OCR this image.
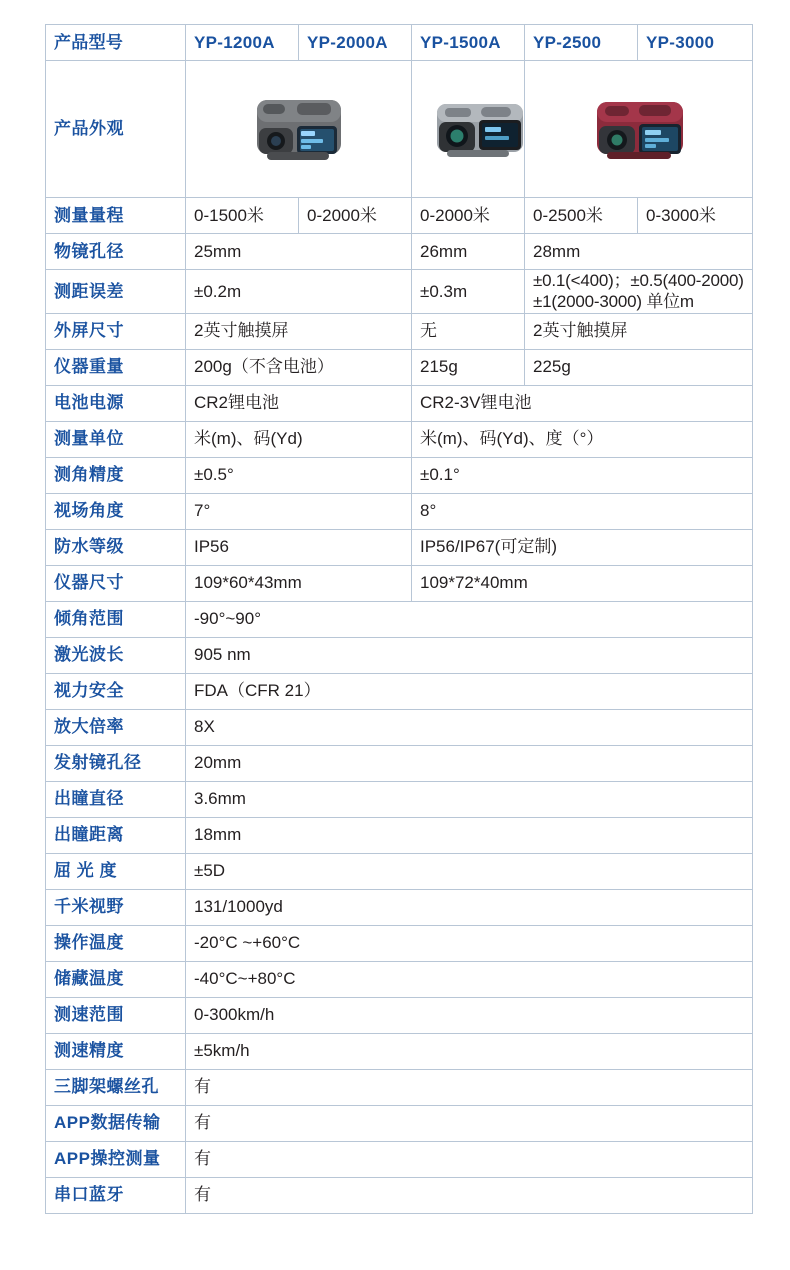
产品型号	YP-1200A	YP-2000A	YP-1500A	YP-2500	YP-3000
产品外观	

测量量程	0-1500米	0-2000米	0-2000米	0-2500米	0-3000米
物镜孔径	25mm		26mm	28mm	
测距误差	±0.2m		±0.3m	±0.1(<400)；±0.5(400-2000)
±1(2000-3000) 单位m	
外屏尺寸	2英寸触摸屏		无	2英寸触摸屏	
仪器重量	200g（不含电池）		215g	225g	
电池电源	CR2锂电池		CR2-3V锂电池		
测量单位	米(m)、码(Yd)		米(m)、码(Yd)、度（°）		
测角精度	±0.5°		±0.1°		
视场角度	7°		8°		
防水等级	IP56		IP56/IP67(可定制)		
仪器尺寸	109*60*43mm		109*72*40mm		
倾角范围	-90°~90°				
激光波长	905 nm				
视力安全	FDA（CFR 21）				
放大倍率	8X				
发射镜孔径	20mm				
出瞳直径	3.6mm				
出瞳距离	18mm				
屈 光 度	±5D				
千米视野	131/1000yd				
操作温度	-20°C ~+60°C				
储藏温度	-40°C~+80°C				
测速范围	0-300km/h				
测速精度	±5km/h				
三脚架螺丝孔	有				
APP数据传输	有				
APP操控测量	有				
串口蓝牙	有				
